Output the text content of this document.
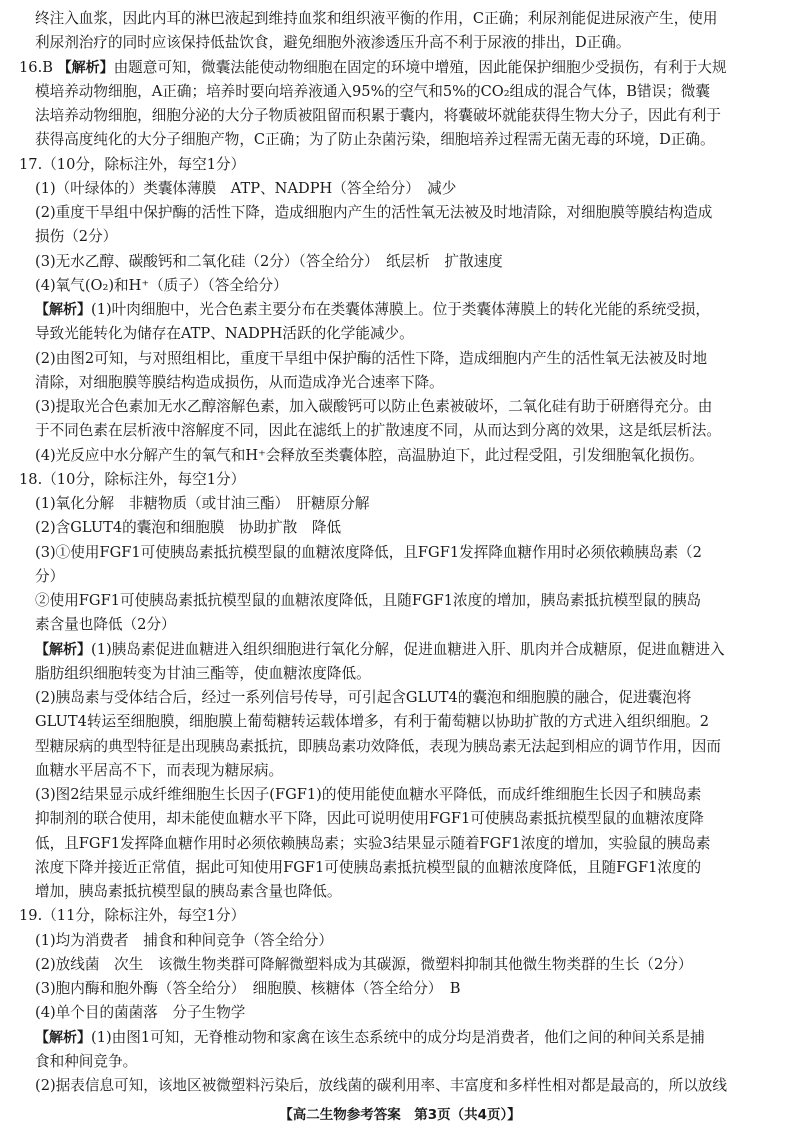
终注入血浆，因此内耳的淋巴液起到维持血浆和组织液平衡的作用，C正确；利尿剂能促进尿液产生，使用
利尿剂治疗的同时应该保持低盐饮食，避免细胞外液渗透压升高不利于尿液的排出，D正确。
16.B 【解析】由题意可知，微囊法能使动物细胞在固定的环境中增殖，因此能保护细胞少受损伤，有利于大规
模培养动物细胞，A正确；培养时要向培养液通入95%的空气和5%的CO₂组成的混合气体，B错误；微囊
法培养动物细胞，细胞分泌的大分子物质被阻留而积累于囊内，将囊破坏就能获得生物大分子，因此有利于
获得高度纯化的大分子细胞产物，C正确；为了防止杂菌污染，细胞培养过程需无菌无毒的环境，D正确。
17.（10分，除标注外，每空1分）
(1)（叶绿体的）类囊体薄膜　ATP、NADPH（答全给分）　减少
(2)重度干旱组中保护酶的活性下降，造成细胞内产生的活性氧无法被及时地清除，对细胞膜等膜结构造成
损伤（2分）
(3)无水乙醇、碳酸钙和二氧化硅（2分）（答全给分）　纸层析　扩散速度
(4)氧气(O₂)和H⁺（质子）（答全给分）
【解析】(1)叶肉细胞中，光合色素主要分布在类囊体薄膜上。位于类囊体薄膜上的转化光能的系统受损，
导致光能转化为储存在ATP、NADPH活跃的化学能减少。
(2)由图2可知，与对照组相比，重度干旱组中保护酶的活性下降，造成细胞内产生的活性氧无法被及时地
清除，对细胞膜等膜结构造成损伤，从而造成净光合速率下降。
(3)提取光合色素加无水乙醇溶解色素，加入碳酸钙可以防止色素被破坏，二氧化硅有助于研磨得充分。由
于不同色素在层析液中溶解度不同，因此在滤纸上的扩散速度不同，从而达到分离的效果，这是纸层析法。
(4)光反应中水分解产生的氧气和H⁺会释放至类囊体腔，高温胁迫下，此过程受阻，引发细胞氧化损伤。
18.（10分，除标注外，每空1分）
(1)氧化分解　非糖物质（或甘油三酯）　肝糖原分解
(2)含GLUT4的囊泡和细胞膜　协助扩散　降低
(3)①使用FGF1可使胰岛素抵抗模型鼠的血糖浓度降低，且FGF1发挥降血糖作用时必须依赖胰岛素（2
分）
②使用FGF1可使胰岛素抵抗模型鼠的血糖浓度降低，且随FGF1浓度的增加，胰岛素抵抗模型鼠的胰岛
素含量也降低（2分）
【解析】(1)胰岛素促进血糖进入组织细胞进行氧化分解，促进血糖进入肝、肌肉并合成糖原，促进血糖进入
脂肪组织细胞转变为甘油三酯等，使血糖浓度降低。
(2)胰岛素与受体结合后，经过一系列信号传导，可引起含GLUT4的囊泡和细胞膜的融合，促进囊泡将
GLUT4转运至细胞膜，细胞膜上葡萄糖转运载体增多，有利于葡萄糖以协助扩散的方式进入组织细胞。2
型糖尿病的典型特征是出现胰岛素抵抗，即胰岛素功效降低，表现为胰岛素无法起到相应的调节作用，因而
血糖水平居高不下，而表现为糖尿病。
(3)图2结果显示成纤维细胞生长因子(FGF1)的使用能使血糖水平降低，而成纤维细胞生长因子和胰岛素
抑制剂的联合使用，却未能使血糖水平下降，因此可说明使用FGF1可使胰岛素抵抗模型鼠的血糖浓度降
低，且FGF1发挥降血糖作用时必须依赖胰岛素；实验3结果显示随着FGF1浓度的增加，实验鼠的胰岛素
浓度下降并接近正常值，据此可知使用FGF1可使胰岛素抵抗模型鼠的血糖浓度降低，且随FGF1浓度的
增加，胰岛素抵抗模型鼠的胰岛素含量也降低。
19.（11分，除标注外，每空1分）
(1)均为消费者　捕食和种间竞争（答全给分）
(2)放线菌　次生　该微生物类群可降解微塑料成为其碳源，微塑料抑制其他微生物类群的生长（2分）
(3)胞内酶和胞外酶（答全给分）　细胞膜、核糖体（答全给分）　B
(4)单个目的菌菌落　分子生物学
【解析】(1)由图1可知，无脊椎动物和家禽在该生态系统中的成分均是消费者，他们之间的种间关系是捕
食和种间竞争。
(2)据表信息可知，该地区被微塑料污染后，放线菌的碳利用率、丰富度和多样性相对都是最高的，所以放线
【高二生物参考答案　第3页（共4页）】
